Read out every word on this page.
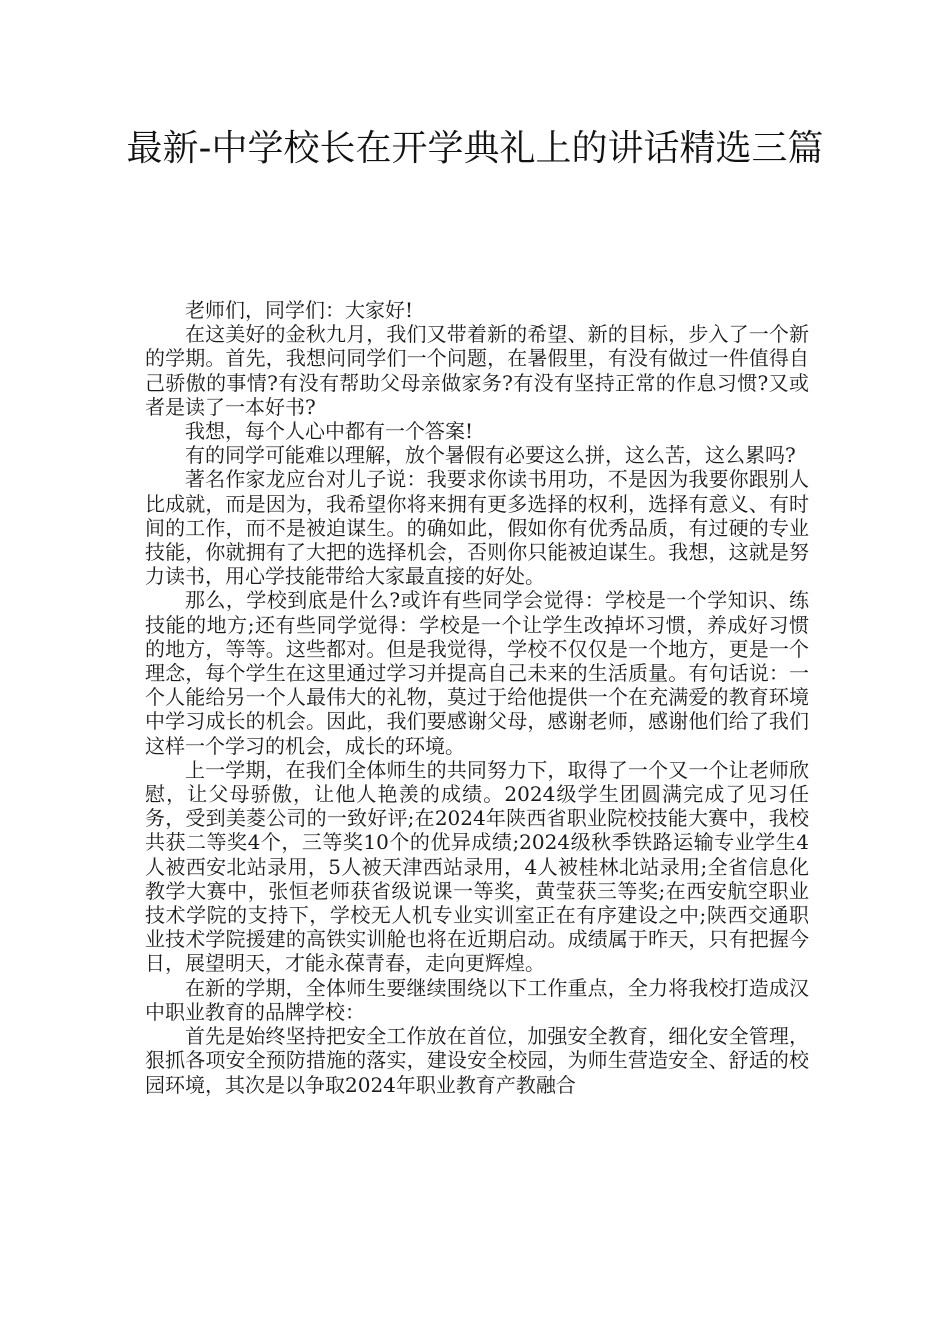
最新-中学校长在开学典礼上的讲话精选三篇

老师们，同学们：大家好!

在这美好的金秋九月，我们又带着新的希望、新的目标，步入了一个新的学期。首先，我想问同学们一个问题，在暑假里，有没有做过一件值得自己骄傲的事情?有没有帮助父母亲做家务?有没有坚持正常的作息习惯?又或者是读了一本好书?

我想，每个人心中都有一个答案!

有的同学可能难以理解，放个暑假有必要这么拼，这么苦，这么累吗?

著名作家龙应台对儿子说：我要求你读书用功，不是因为我要你跟别人比成就，而是因为，我希望你将来拥有更多选择的权利，选择有意义、有时间的工作，而不是被迫谋生。的确如此，假如你有优秀品质，有过硬的专业技能，你就拥有了大把的选择机会，否则你只能被迫谋生。我想，这就是努力读书，用心学技能带给大家最直接的好处。

那么，学校到底是什么?或许有些同学会觉得：学校是一个学知识、练技能的地方;还有些同学觉得：学校是一个让学生改掉坏习惯，养成好习惯的地方，等等。这些都对。但是我觉得，学校不仅仅是一个地方，更是一个理念，每个学生在这里通过学习并提高自己未来的生活质量。有句话说：一个人能给另一个人最伟大的礼物，莫过于给他提供一个在充满爱的教育环境中学习成长的机会。因此，我们要感谢父母，感谢老师，感谢他们给了我们这样一个学习的机会，成长的环境。

上一学期，在我们全体师生的共同努力下，取得了一个又一个让老师欣慰，让父母骄傲，让他人艳羡的成绩。2024级学生团圆满完成了见习任务，受到美菱公司的一致好评;在2024年陕西省职业院校技能大赛中，我校共获二等奖4个，三等奖10个的优异成绩;2024级秋季铁路运输专业学生4人被西安北站录用，5人被天津西站录用，4人被桂林北站录用;全省信息化教学大赛中，张恒老师获省级说课一等奖，黄莹获三等奖;在西安航空职业技术学院的支持下，学校无人机专业实训室正在有序建设之中;陕西交通职业技术学院援建的高铁实训舱也将在近期启动。成绩属于昨天，只有把握今日，展望明天，才能永葆青春，走向更辉煌。

在新的学期，全体师生要继续围绕以下工作重点，全力将我校打造成汉中职业教育的品牌学校：

首先是始终坚持把安全工作放在首位，加强安全教育，细化安全管理，狠抓各项安全预防措施的落实，建设安全校园，为师生营造安全、舒适的校园环境，其次是以争取2024年职业教育产教融合
